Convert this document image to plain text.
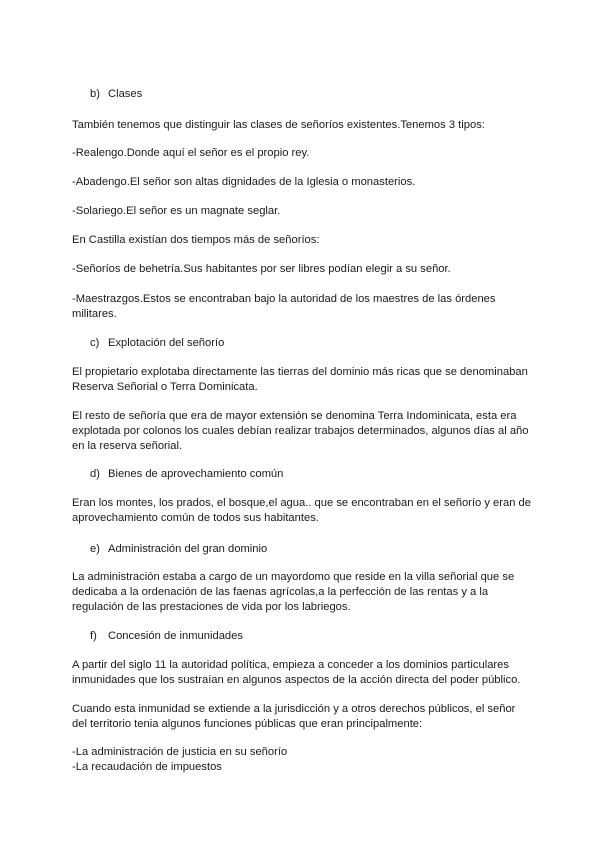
b) Clases

También tenemos que distinguir las clases de señoríos existentes.Tenemos 3 tipos:

-Realengo.Donde aquí el señor es el propio rey.

-Abadengo.El señor son altas dignidades de la Iglesia o monasterios.

-Solariego.El señor es un magnate seglar.

En Castilla existían dos tiempos más de señoríos:

-Señoríos de behetría.Sus habitantes por ser libres podían elegir a su señor.

-Maestrazgos.Estos se encontraban bajo la autoridad de los maestres de las órdenes militares.

c) Explotación del señorío

El propietario explotaba directamente las tierras del dominio más ricas que se denominaban Reserva Señorial o Terra Dominicata.

El resto de señoría que era de mayor extensión se denomina Terra Indominicata, esta era explotada por colonos los cuales debían realizar trabajos determinados, algunos días al año en la reserva señorial.

d) Bienes de aprovechamiento común

Eran los montes, los prados, el bosque,el agua.. que se encontraban en el señorío y eran de aprovechamiento común de todos sus habitantes.

e) Administración del gran dominio

La administración estaba a cargo de un mayordomo que reside en la villa señorial que se dedicaba a la ordenación de las faenas agrícolas,a la perfección de las rentas y a la regulación de las prestaciones de vida por los labriegos.

f) Concesión de inmunidades

A partir del siglo 11 la autoridad política, empieza a conceder a los dominios particulares inmunidades que los sustraían en algunos aspectos de la acción directa del poder público.

Cuando esta inmunidad se extiende a la jurisdicción y a otros derechos públicos, el señor del territorio tenia algunos funciones públicas que eran principalmente:

-La administración de justicia en su señorío

-La recaudación de impuestos
